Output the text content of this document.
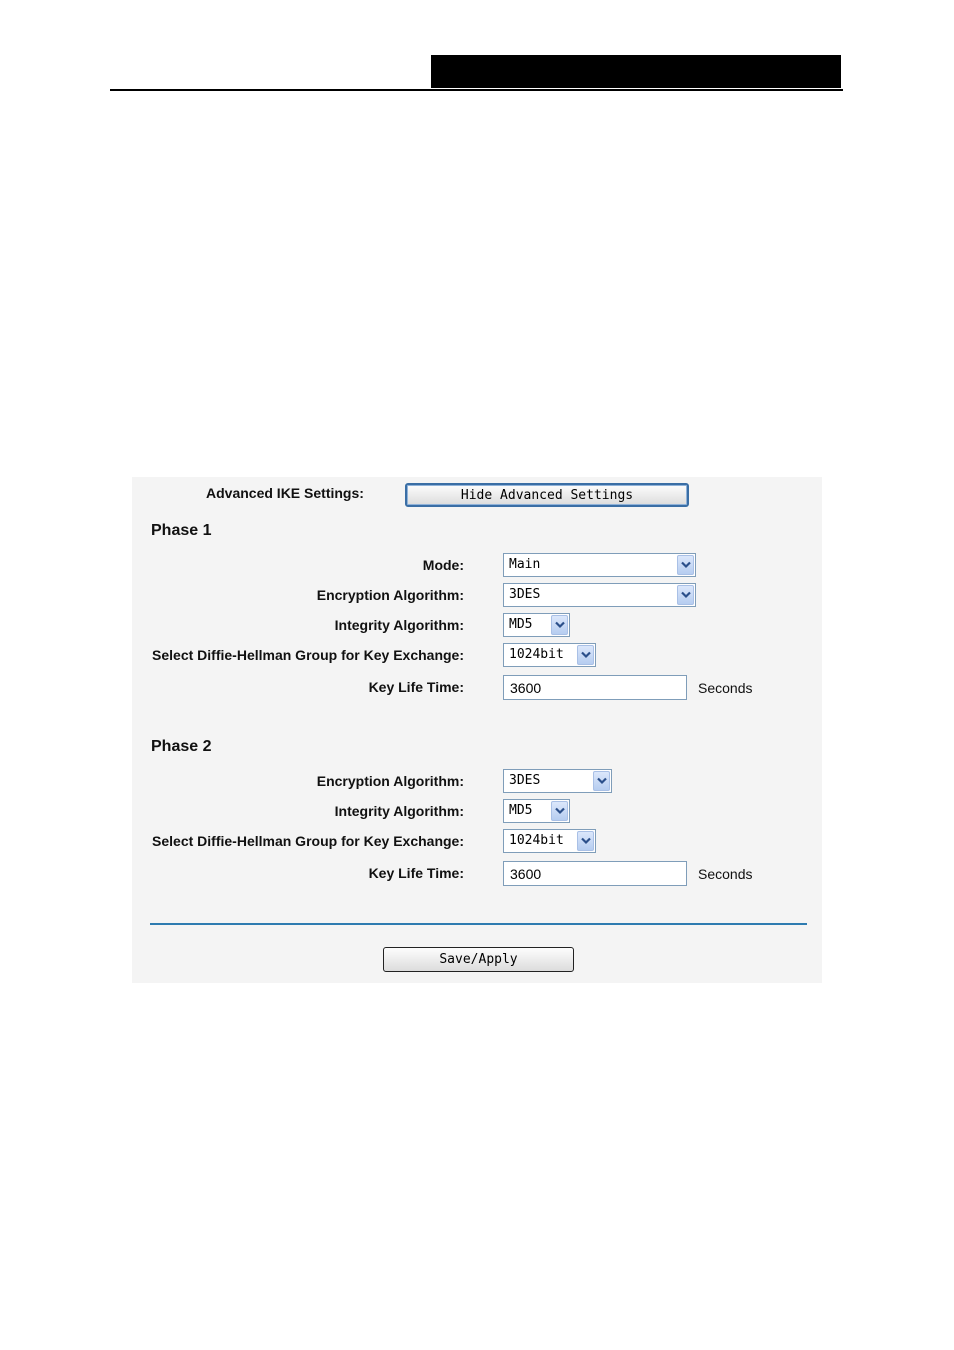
Advanced IKE Settings:	Hide Advanced Settings
Phase 1
Mode:	Main
Encryption Algorithm:	3DES
Integrity Algorithm:	MD5
Select Diffie-Hellman Group for Key Exchange:	1024bit
Key Life Time:
3600	Seconds
Phase 2
Encryption Algorithm:	3DES
Integrity Algorithm:	MD5
Select Diffie-Hellman Group for Key Exchange:	1024bit
Key Life Time:
3600	Seconds
Save/Apply
